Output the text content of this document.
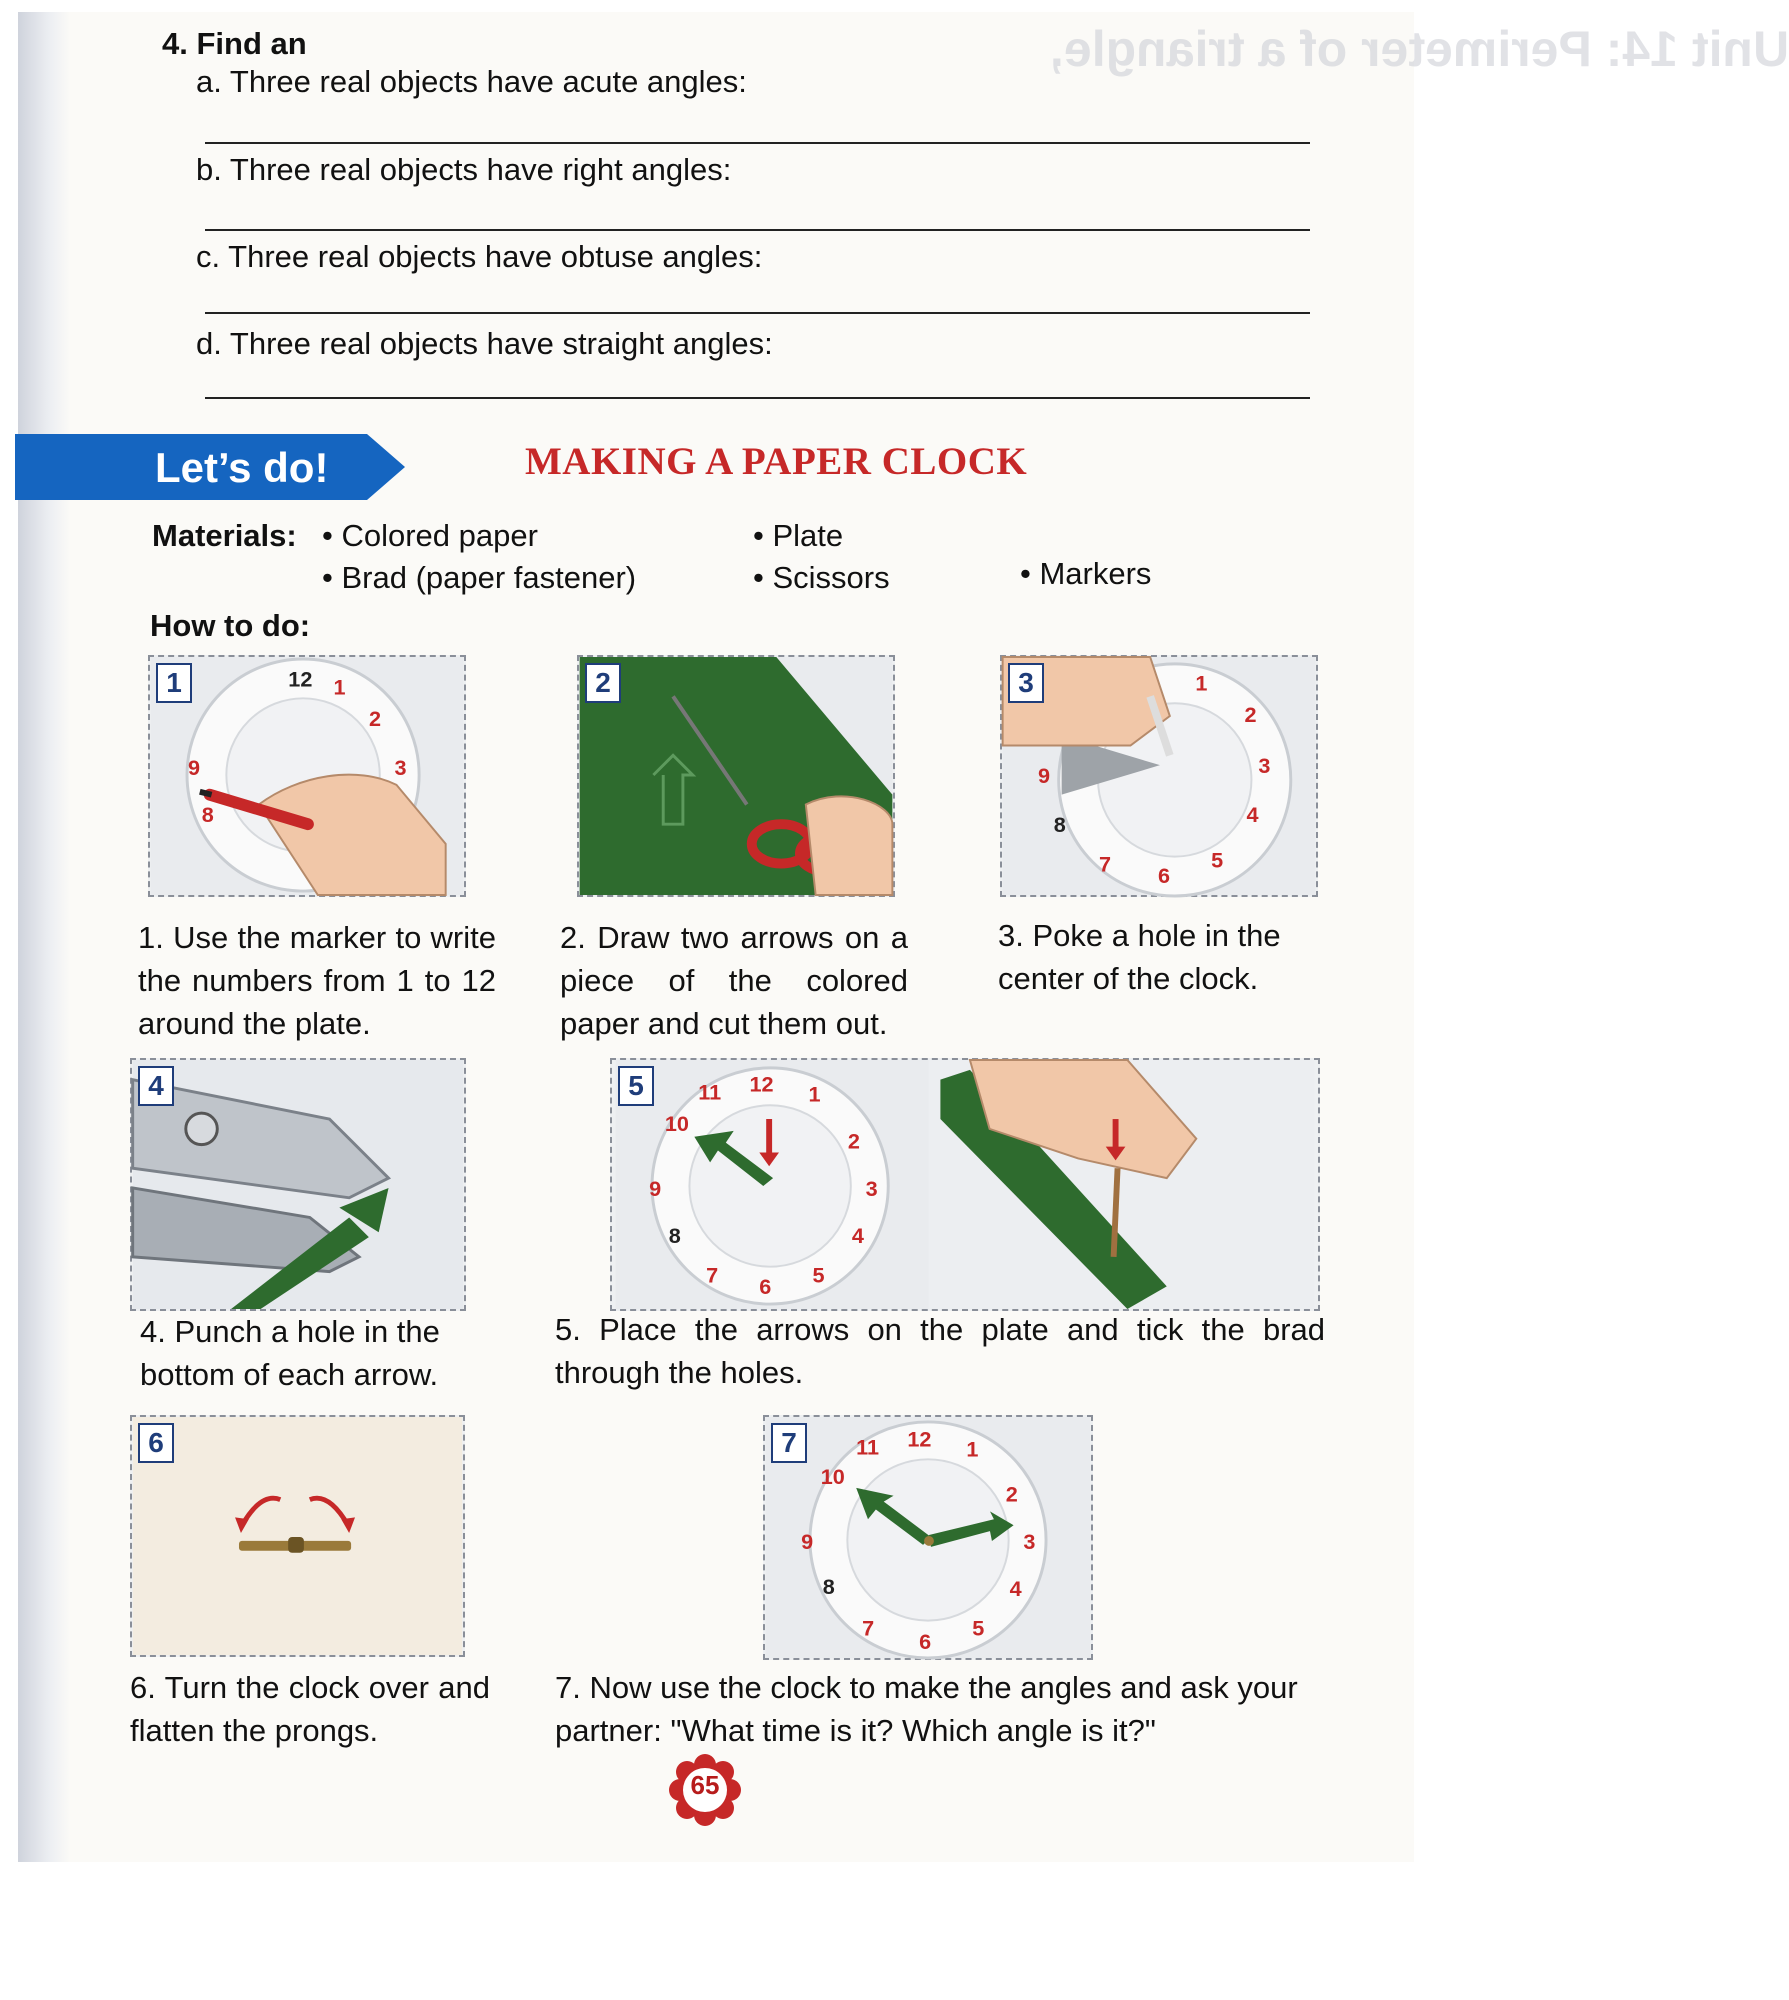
Unit 14: Perimeter of a triangle,
4. Find an
a. Three real objects have acute angles:
b. Three real objects have right angles:
c. Three real objects have obtuse angles:
d. Three real objects have straight angles:
Let’s do!	MAKING A PAPER CLOCK
Materials: • Colored paper
• Brad (paper fastener)
• Plate
• Scissors	• Markers
How to do:
12 1
2
3
9
8
1	2
9
8
7 6
5
4
3
2
1
3
1. Use the marker to write the numbers from 1 to 12 around the plate.
2. Draw two arrows on a piece of the colored paper and cut them out.
3. Poke a hole in the center of the clock.
4
10
11 12 1
2
3
4
5
6
7
8
9
5
4. Punch a hole in the bottom of each arrow.
5. Place the arrows on the plate and tick the brad through the holes.
6
10
11 12 1
2
3
4
5
6
7
8
9
7
6. Turn the clock over and flatten the prongs.
7. Now use the clock to make the angles and ask your partner: "What time is it? Which angle is it?"
65
